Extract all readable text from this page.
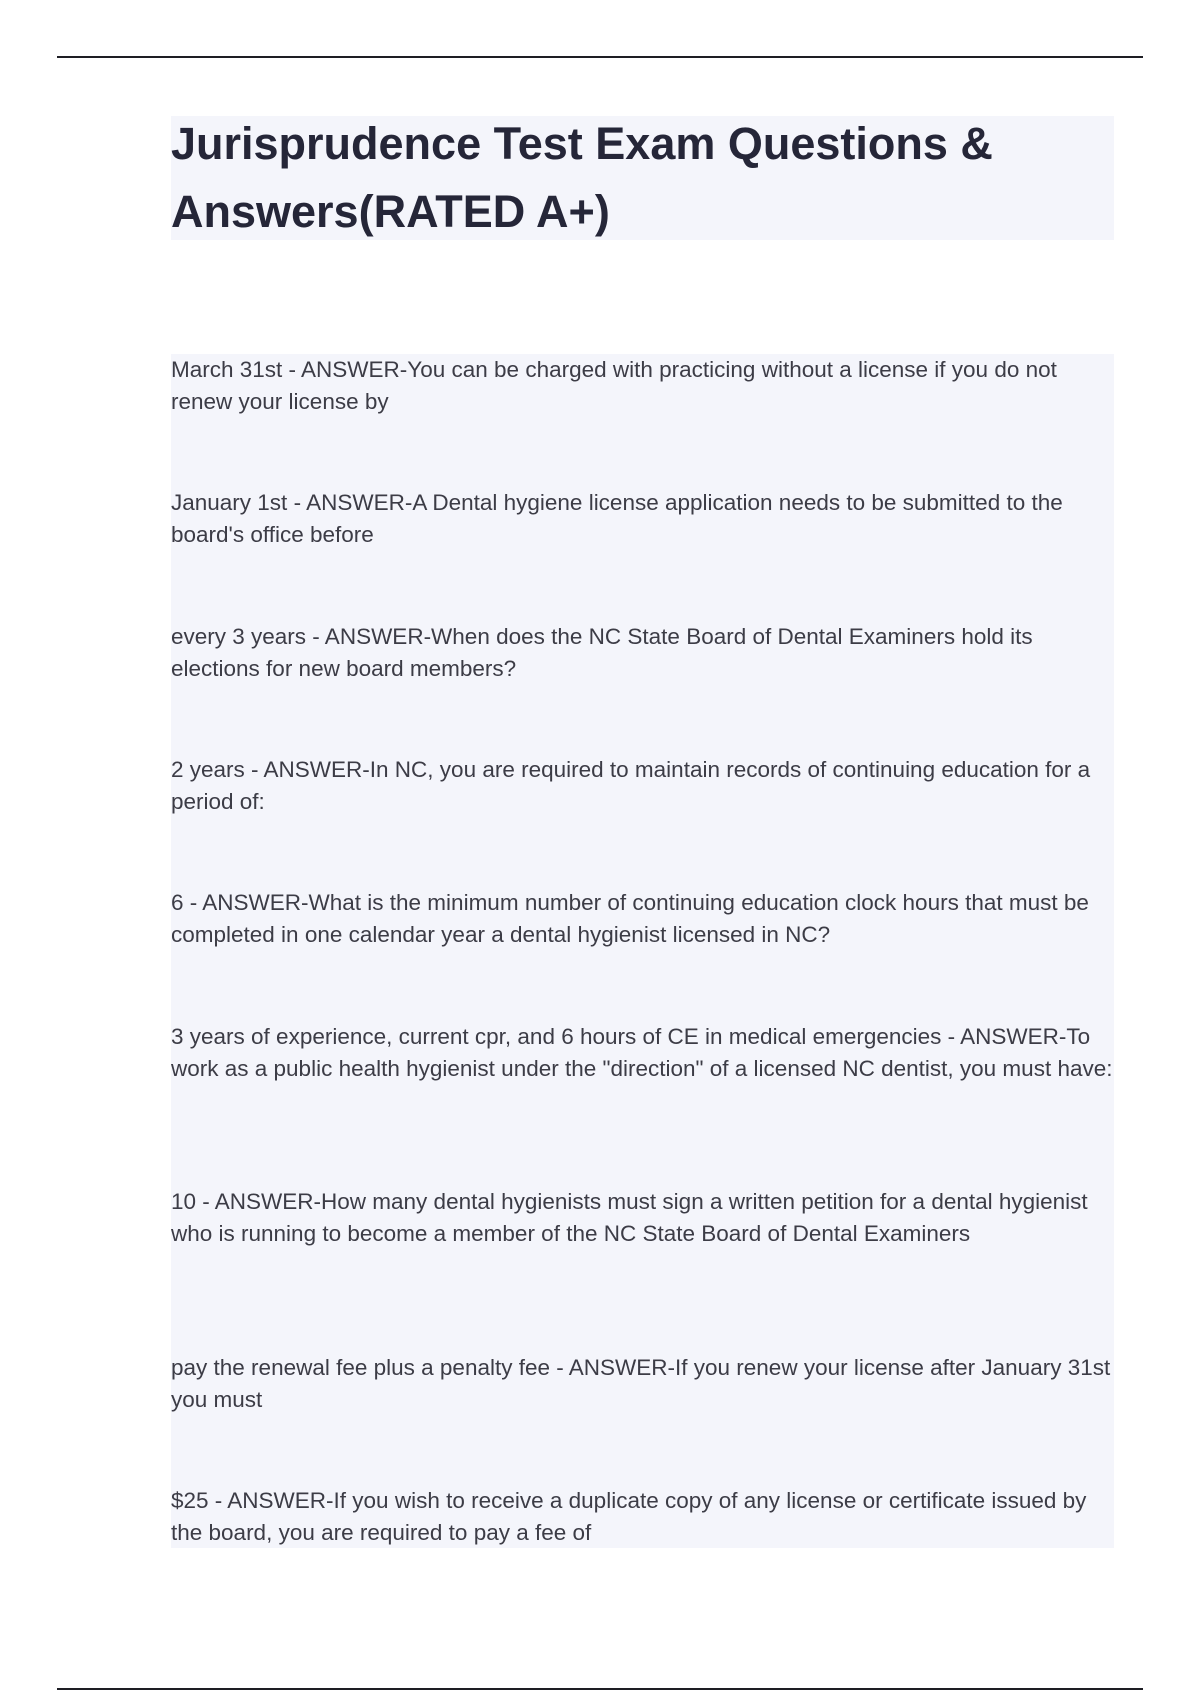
Jurisprudence Test Exam Questions & Answers(RATED A+)

March 31st - ANSWER-You can be charged with practicing without a license if you do not renew your license by

January 1st - ANSWER-A Dental hygiene license application needs to be submitted to the board's office before

every 3 years - ANSWER-When does the NC State Board of Dental Examiners hold its elections for new board members?

2 years - ANSWER-In NC, you are required to maintain records of continuing education for a period of:

6 - ANSWER-What is the minimum number of continuing education clock hours that must be completed in one calendar year a dental hygienist licensed in NC?

3 years of experience, current cpr, and 6 hours of CE in medical emergencies - ANSWER-To work as a public health hygienist under the "direction" of a licensed NC dentist, you must have:

10 - ANSWER-How many dental hygienists must sign a written petition for a dental hygienist who is running to become a member of the NC State Board of Dental Examiners

pay the renewal fee plus a penalty fee - ANSWER-If you renew your license after January 31st you must

$25 - ANSWER-If you wish to receive a duplicate copy of any license or certificate issued by the board, you are required to pay a fee of
